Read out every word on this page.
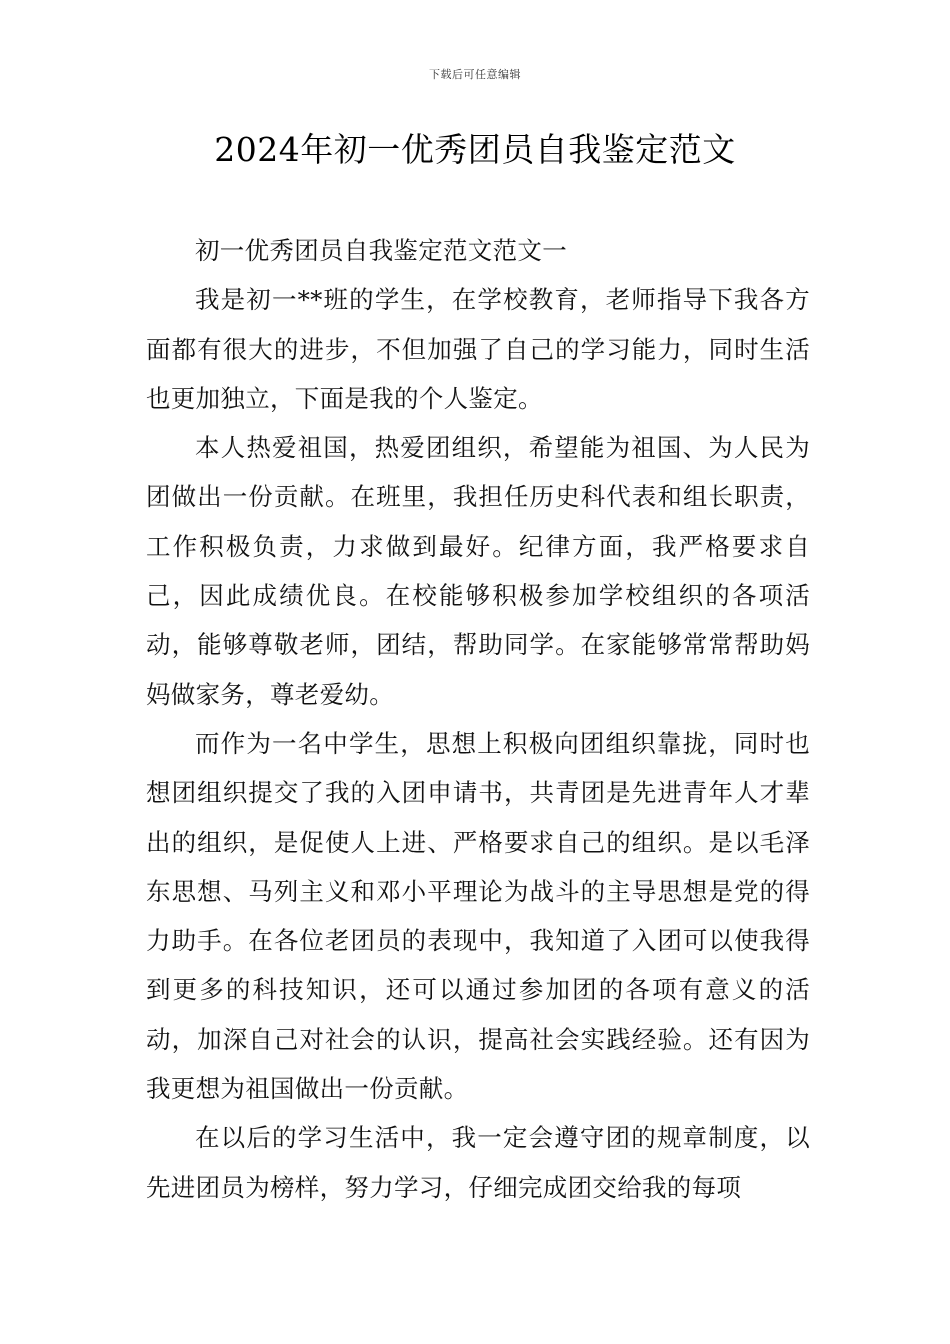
下载后可任意编辑
2024年初一优秀团员自我鉴定范文

初一优秀团员自我鉴定范文范文一

我是初一**班的学生，在学校教育，老师指导下我各方面都有很大的进步，不但加强了自己的学习能力，同时生活也更加独立，下面是我的个人鉴定。

本人热爱祖国，热爱团组织，希望能为祖国、为人民为团做出一份贡献。在班里，我担任历史科代表和组长职责，工作积极负责，力求做到最好。纪律方面，我严格要求自己，因此成绩优良。在校能够积极参加学校组织的各项活动，能够尊敬老师，团结，帮助同学。在家能够常常帮助妈妈做家务，尊老爱幼。

而作为一名中学生，思想上积极向团组织靠拢，同时也想团组织提交了我的入团申请书，共青团是先进青年人才辈出的组织，是促使人上进、严格要求自己的组织。是以毛泽东思想、马列主义和邓小平理论为战斗的主导思想是党的得力助手。在各位老团员的表现中，我知道了入团可以使我得到更多的科技知识，还可以通过参加团的各项有意义的活动，加深自己对社会的认识，提高社会实践经验。还有因为我更想为祖国做出一份贡献。

在以后的学习生活中，我一定会遵守团的规章制度，以先进团员为榜样，努力学习，仔细完成团交给我的每项
